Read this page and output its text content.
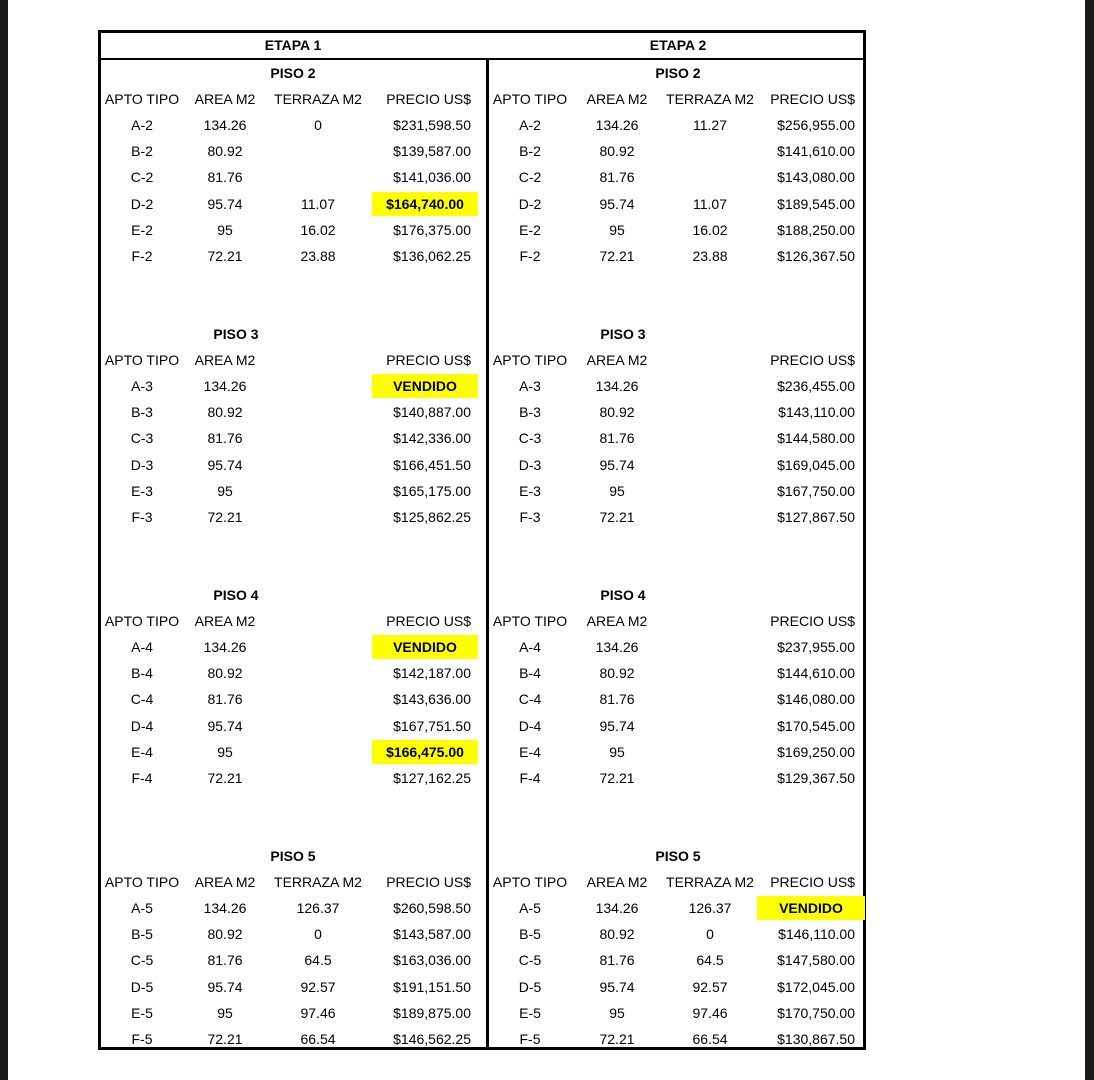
ETAPA 1	ETAPA 2
PISO 2
APTO TIPO AREA M2 TERRAZA M2 PRECIO US$
A-2	134.26	0	$231,598.50
B-2	80.92	$139,587.00
C-2	81.76	$141,036.00
D-2	95.74	11.07	$164,740.00
E-2	95	16.02	$176,375.00
F-2	72.21	23.88	$136,062.25
PISO 3
APTO TIPO AREA M2	PRECIO US$
A-3	134.26	VENDIDO
B-3	80.92	$140,887.00
C-3	81.76	$142,336.00
D-3	95.74	$166,451.50
E-3	95	$165,175.00
F-3	72.21	$125,862.25
PISO 4
APTO TIPO AREA M2	PRECIO US$
A-4	134.26	VENDIDO
B-4	80.92	$142,187.00
C-4	81.76	$143,636.00
D-4	95.74	$167,751.50
E-4	95	$166,475.00
F-4	72.21	$127,162.25
PISO 5
APTO TIPO AREA M2 TERRAZA M2 PRECIO US$
A-5	134.26	126.37	$260,598.50
B-5	80.92	0	$143,587.00
C-5	81.76	64.5	$163,036.00
D-5	95.74	92.57	$191,151.50
E-5	95	97.46	$189,875.00
F-5	72.21	66.54	$146,562.25
PISO 2
APTO TIPO AREA M2 TERRAZA M2 PRECIO US$
A-2	134.26	11.27	$256,955.00
B-2	80.92	$141,610.00
C-2	81.76	$143,080.00
D-2	95.74	11.07	$189,545.00
E-2	95	16.02	$188,250.00
F-2	72.21	23.88	$126,367.50
PISO 3
APTO TIPO AREA M2	PRECIO US$
A-3	134.26	$236,455.00
B-3	80.92	$143,110.00
C-3	81.76	$144,580.00
D-3	95.74	$169,045.00
E-3	95	$167,750.00
F-3	72.21	$127,867.50
PISO 4
APTO TIPO AREA M2	PRECIO US$
A-4	134.26	$237,955.00
B-4	80.92	$144,610.00
C-4	81.76	$146,080.00
D-4	95.74	$170,545.00
E-4	95	$169,250.00
F-4	72.21	$129,367.50
PISO 5
APTO TIPO AREA M2 TERRAZA M2 PRECIO US$
A-5	134.26	126.37	VENDIDO
B-5	80.92	0	$146,110.00
C-5	81.76	64.5	$147,580.00
D-5	95.74	92.57	$172,045.00
E-5	95	97.46	$170,750.00
F-5	72.21	66.54	$130,867.50
